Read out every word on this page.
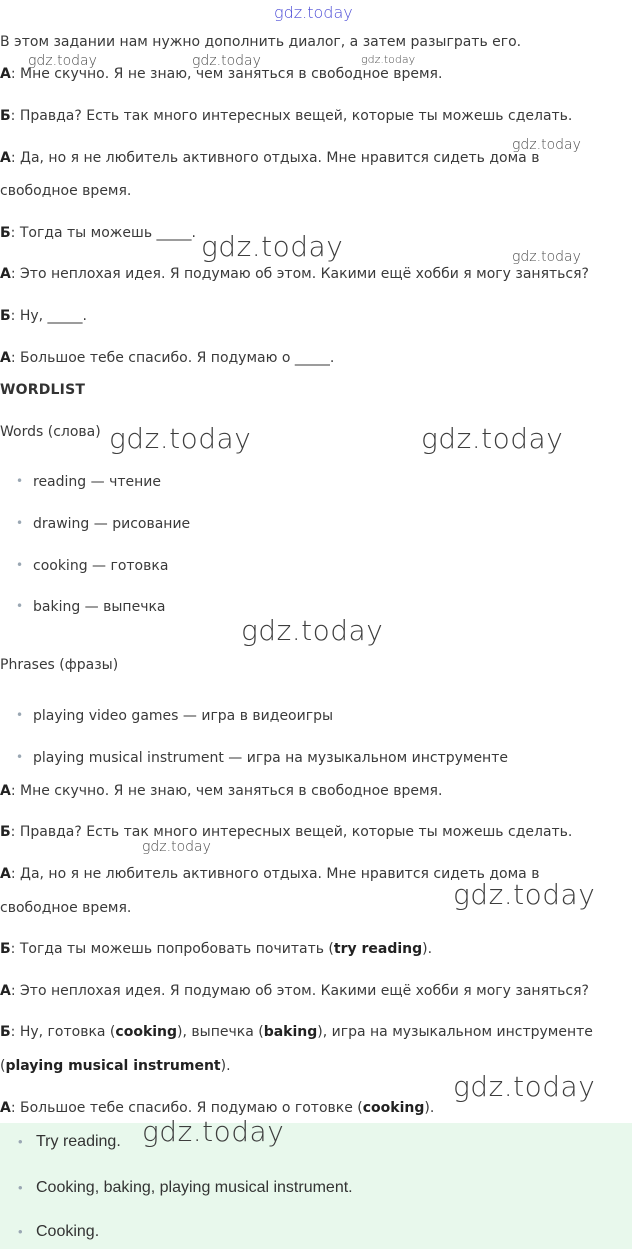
В этом задании нам нужно дополнить диалог, а затем разыграть его.
А: Мне скучно. Я не знаю, чем заняться в свободное время.
Б: Правда? Есть так много интересных вещей, которые ты можешь сделать.
А: Да, но я не любитель активного отдыха. Мне нравится сидеть дома в
свободное время.
Б: Тогда ты можешь _____.
А: Это неплохая идея. Я подумаю об этом. Какими ещё хобби я могу заняться?
Б: Ну, _____.
А: Большое тебе спасибо. Я подумаю о _____.
WORDLIST
Words (слова)
• reading — чтение
• drawing — рисование
• cooking — готовка
• baking — выпечка
Phrases (фразы)
• playing video games — игра в видеоигры
• playing musical instrument — игра на музыкальном инструменте
А: Мне скучно. Я не знаю, чем заняться в свободное время.
Б: Правда? Есть так много интересных вещей, которые ты можешь сделать.
А: Да, но я не любитель активного отдыха. Мне нравится сидеть дома в
свободное время.
Б: Тогда ты можешь попробовать почитать (try reading).
А: Это неплохая идея. Я подумаю об этом. Какими ещё хобби я могу заняться?
Б: Ну, готовка (cooking), выпечка (baking), игра на музыкальном инструменте
(playing musical instrument).
А: Большое тебе спасибо. Я подумаю о готовке (cooking).
• Try reading.
• Cooking, baking, playing musical instrument.
• Cooking.
gdz.today
gdz.today	gdz.today	gdz.today
gdz.today
gdz.today	gdz.today
gdz.today	gdz.today
gdz.today
gdz.today
gdz.today
gdz.today
gdz.today
